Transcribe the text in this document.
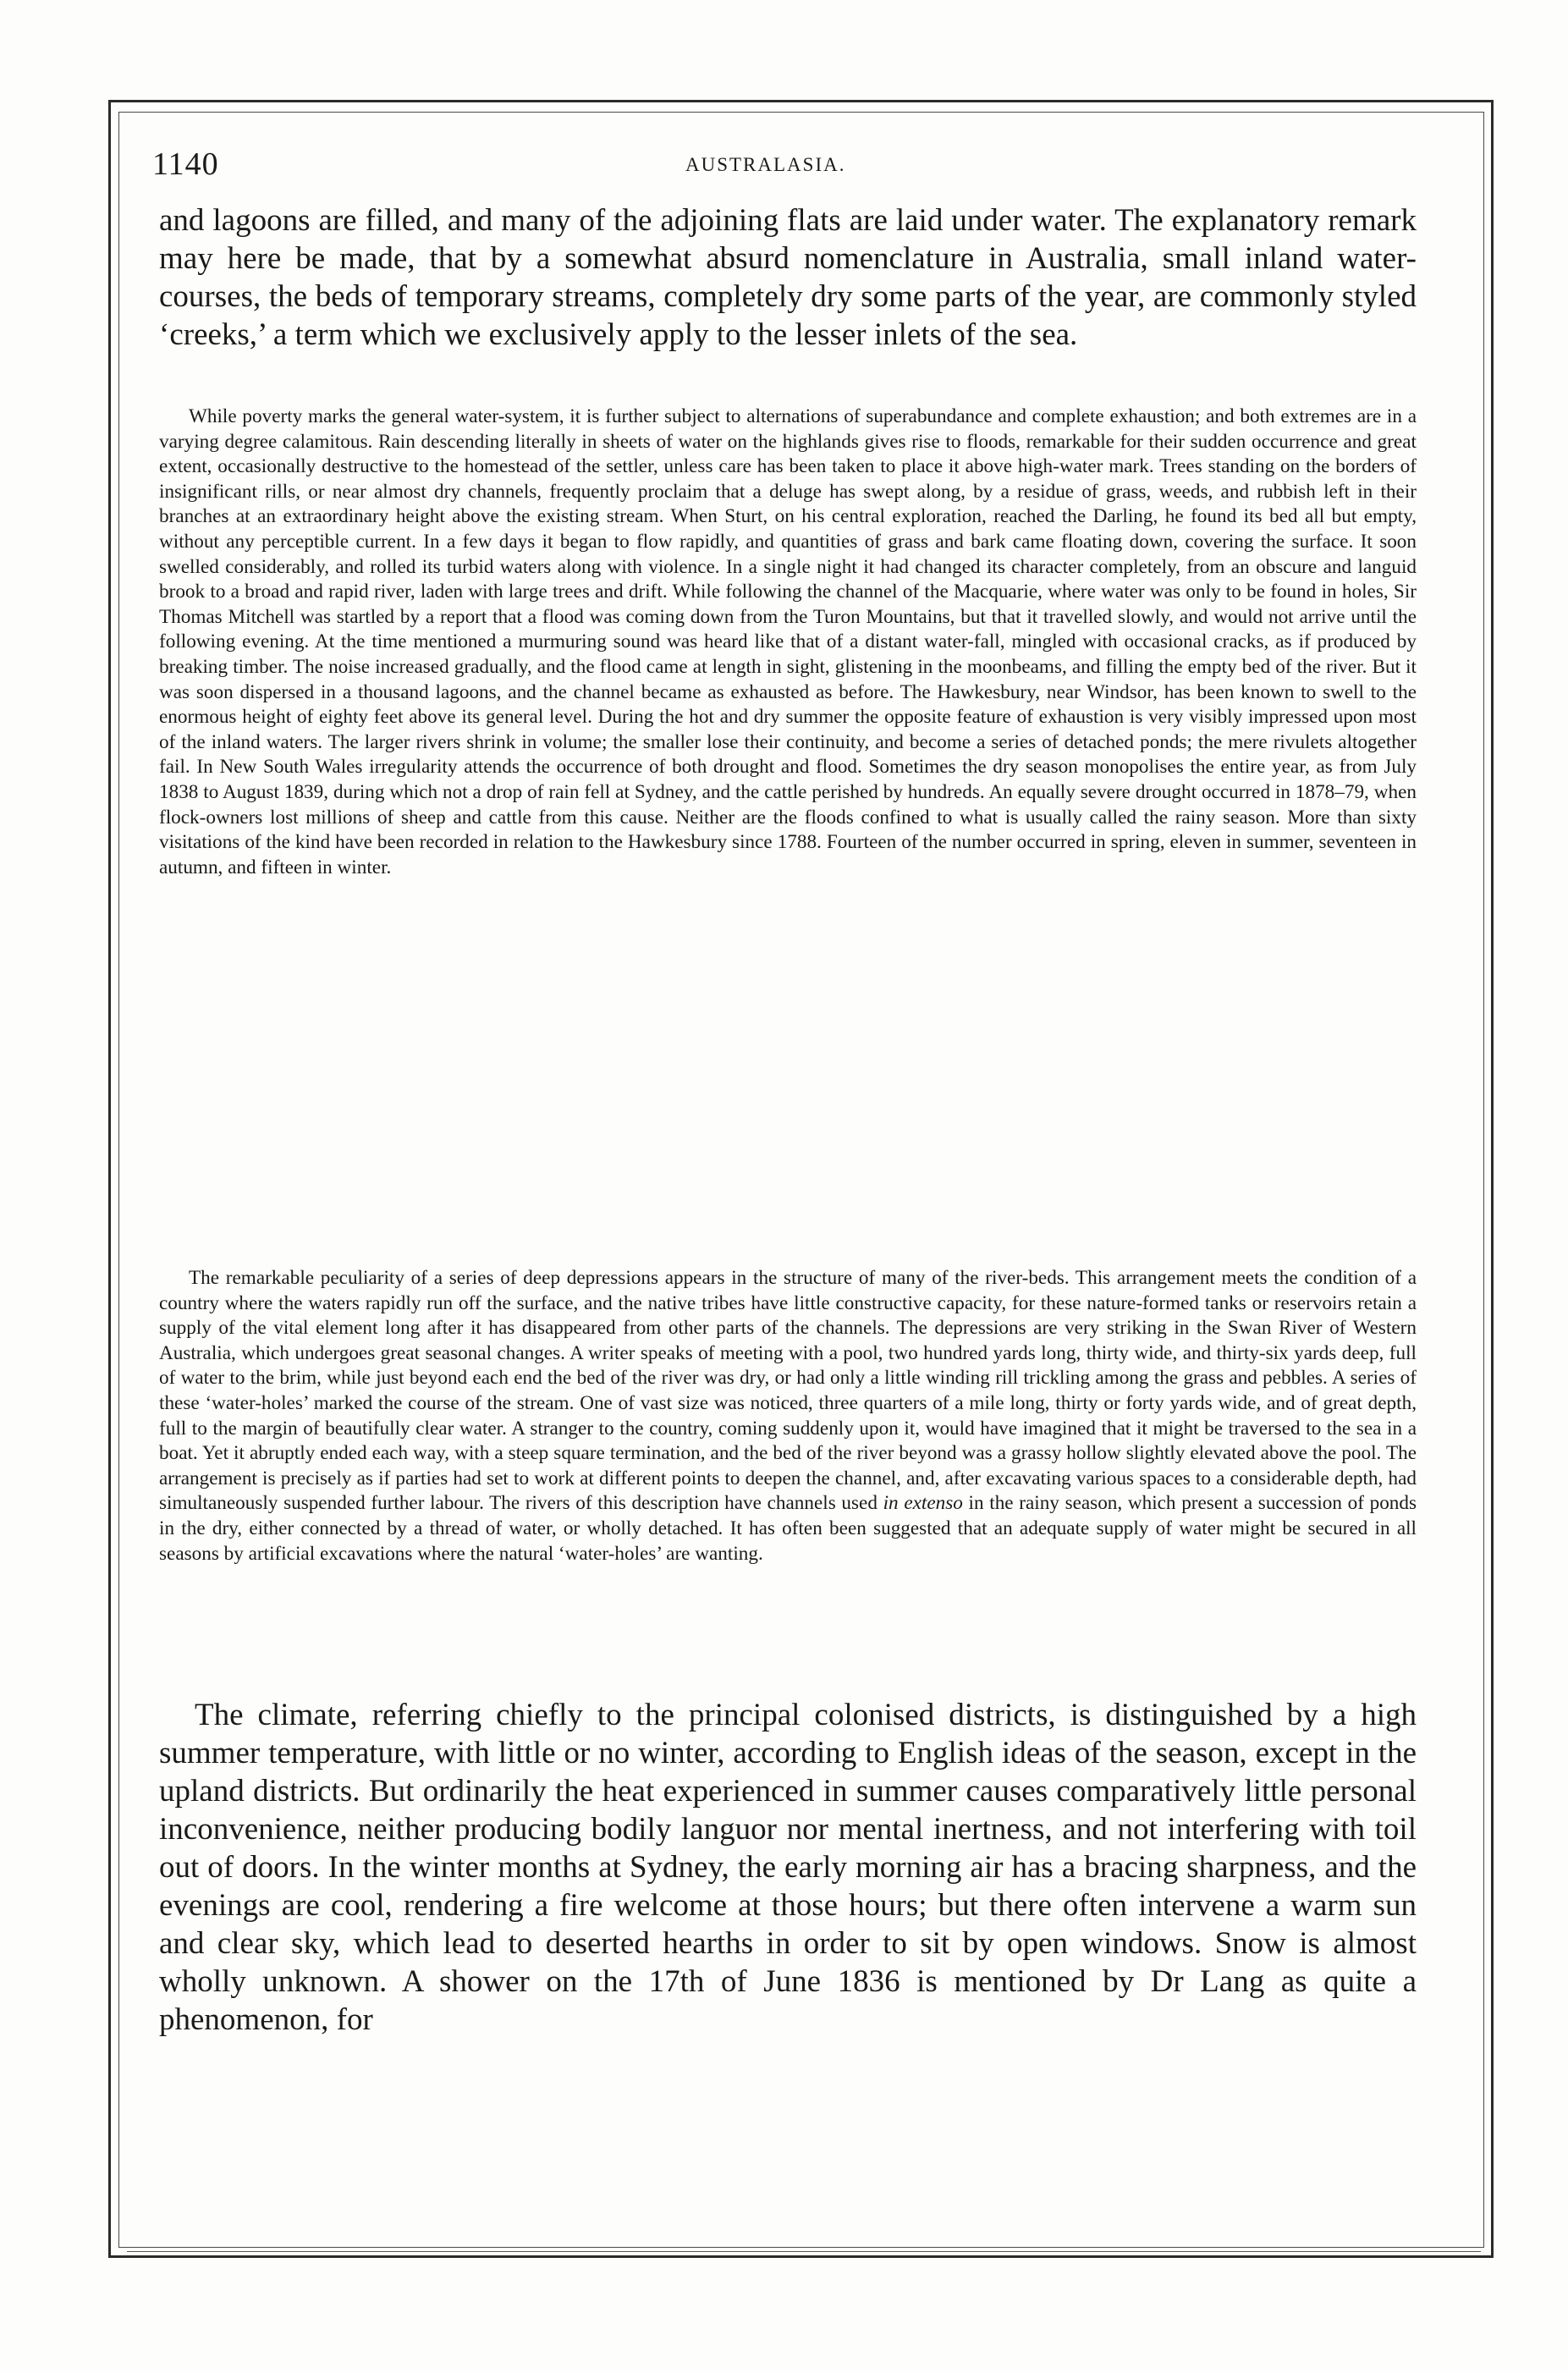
1140	AUSTRALASIA.

and lagoons are filled, and many of the adjoining flats are laid under water. The explanatory remark may here be made, that by a somewhat absurd nomenclature in Australia, small inland water-courses, the beds of temporary streams, completely dry some parts of the year, are commonly styled ‘creeks,’ a term which we exclusively apply to the lesser inlets of the sea.

While poverty marks the general water-system, it is further subject to alternations of superabundance and complete exhaustion; and both extremes are in a varying degree calamitous. Rain descending literally in sheets of water on the highlands gives rise to floods, remarkable for their sudden occurrence and great extent, occasionally destructive to the homestead of the settler, unless care has been taken to place it above high-water mark. Trees standing on the borders of insignificant rills, or near almost dry channels, frequently proclaim that a deluge has swept along, by a residue of grass, weeds, and rubbish left in their branches at an extraordinary height above the existing stream. When Sturt, on his central exploration, reached the Darling, he found its bed all but empty, without any perceptible current. In a few days it began to flow rapidly, and quantities of grass and bark came floating down, covering the surface. It soon swelled considerably, and rolled its turbid waters along with violence. In a single night it had changed its character completely, from an obscure and languid brook to a broad and rapid river, laden with large trees and drift. While following the channel of the Macquarie, where water was only to be found in holes, Sir Thomas Mitchell was startled by a report that a flood was coming down from the Turon Mountains, but that it travelled slowly, and would not arrive until the following evening. At the time mentioned a murmuring sound was heard like that of a distant water-fall, mingled with occasional cracks, as if produced by breaking timber. The noise increased gradually, and the flood came at length in sight, glistening in the moonbeams, and filling the empty bed of the river. But it was soon dispersed in a thousand lagoons, and the channel became as exhausted as before. The Hawkesbury, near Windsor, has been known to swell to the enormous height of eighty feet above its general level. During the hot and dry summer the opposite feature of exhaustion is very visibly impressed upon most of the inland waters. The larger rivers shrink in volume; the smaller lose their continuity, and become a series of detached ponds; the mere rivulets altogether fail. In New South Wales irregularity attends the occurrence of both drought and flood. Sometimes the dry season monopolises the entire year, as from July 1838 to August 1839, during which not a drop of rain fell at Sydney, and the cattle perished by hundreds. An equally severe drought occurred in 1878–79, when flock-owners lost millions of sheep and cattle from this cause. Neither are the floods confined to what is usually called the rainy season. More than sixty visitations of the kind have been recorded in relation to the Hawkesbury since 1788. Fourteen of the number occurred in spring, eleven in summer, seventeen in autumn, and fifteen in winter.

The remarkable peculiarity of a series of deep depressions appears in the structure of many of the river-beds. This arrangement meets the condition of a country where the waters rapidly run off the surface, and the native tribes have little constructive capacity, for these nature-formed tanks or reservoirs retain a supply of the vital element long after it has disappeared from other parts of the channels. The depressions are very striking in the Swan River of Western Australia, which undergoes great seasonal changes. A writer speaks of meeting with a pool, two hundred yards long, thirty wide, and thirty-six yards deep, full of water to the brim, while just beyond each end the bed of the river was dry, or had only a little winding rill trickling among the grass and pebbles. A series of these ‘water-holes’ marked the course of the stream. One of vast size was noticed, three quarters of a mile long, thirty or forty yards wide, and of great depth, full to the margin of beautifully clear water. A stranger to the country, coming suddenly upon it, would have imagined that it might be traversed to the sea in a boat. Yet it abruptly ended each way, with a steep square termination, and the bed of the river beyond was a grassy hollow slightly elevated above the pool. The arrangement is precisely as if parties had set to work at different points to deepen the channel, and, after excavating various spaces to a considerable depth, had simultaneously suspended further labour. The rivers of this description have channels used in extenso in the rainy season, which present a succession of ponds in the dry, either connected by a thread of water, or wholly detached. It has often been suggested that an adequate supply of water might be secured in all seasons by artificial excavations where the natural ‘water-holes’ are wanting.

The climate, referring chiefly to the principal colonised districts, is distinguished by a high summer temperature, with little or no winter, according to English ideas of the season, except in the upland districts. But ordinarily the heat experienced in summer causes comparatively little personal inconvenience, neither producing bodily languor nor mental inertness, and not interfering with toil out of doors. In the winter months at Sydney, the early morning air has a bracing sharpness, and the evenings are cool, rendering a fire welcome at those hours; but there often intervene a warm sun and clear sky, which lead to deserted hearths in order to sit by open windows. Snow is almost wholly unknown. A shower on the 17th of June 1836 is mentioned by Dr Lang as quite a phenomenon, for
